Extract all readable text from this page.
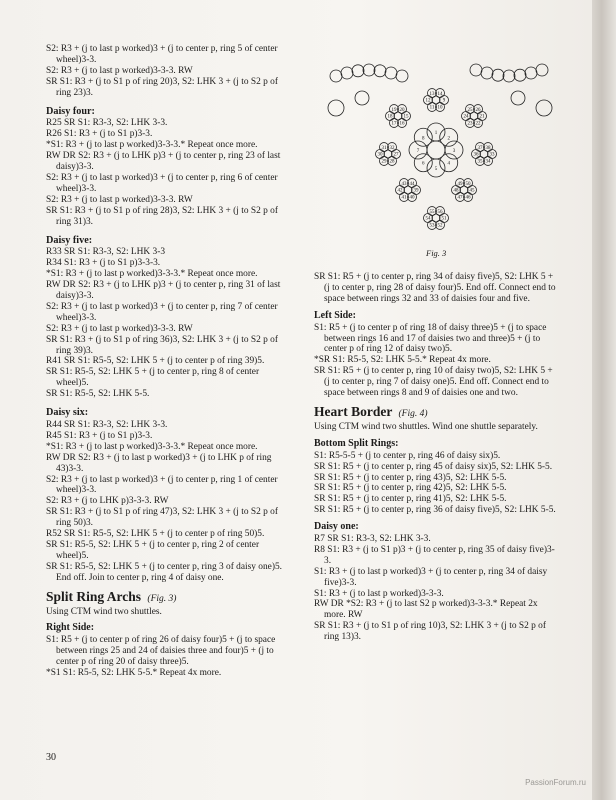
S2: R3 + (j to last p worked)3 + (j to center p, ring 5 of center wheel)3-3.
S2: R3 + (j to last p worked)3-3-3. RW
SR S1: R3 + (j to S1 p of ring 20)3, S2: LHK 3 + (j to S2 p of ring 23)3.
Daisy four:
R25 SR S1: R3-3, S2: LHK 3-3.
R26 S1: R3 + (j to S1 p)3-3.
*S1: R3 + (j to last p worked)3-3-3.* Repeat once more.
RW DR S2: R3 + (j to LHK p)3 + (j to center p, ring 23 of last daisy)3-3.
S2: R3 + (j to last p worked)3 + (j to center p, ring 6 of center wheel)3-3.
S2: R3 + (j to last p worked)3-3-3. RW
SR S1: R3 + (j to S1 p of ring 28)3, S2: LHK 3 + (j to S2 p of ring 31)3.
Daisy five:
R33 SR S1: R3-3, S2: LHK 3-3
R34 S1: R3 + (j to S1 p)3-3-3.
*S1: R3 + (j to last p worked)3-3-3.* Repeat once more.
RW DR S2: R3 + (j to LHK p)3 + (j to center p, ring 31 of last daisy)3-3.
S2: R3 + (j to last p worked)3 + (j to center p, ring 7 of center wheel)3-3.
S2: R3 + (j to last p worked)3-3-3. RW
SR S1: R3 + (j to S1 p of ring 36)3, S2: LHK 3 + (j to S2 p of ring 39)3.
R41 SR S1: R5-5, S2: LHK 5 + (j to center p of ring 39)5.
SR S1: R5-5, S2: LHK 5 + (j to center p, ring 8 of center wheel)5.
SR S1: R5-5, S2: LHK 5-5.
Daisy six:
R44 SR S1: R3-3, S2: LHK 3-3.
R45 S1: R3 + (j to S1 p)3-3.
*S1: R3 + (j to last p worked)3-3-3.* Repeat once more.
RW DR S2: R3 + (j to last p worked)3 + (j to LHK p of ring 43)3-3.
S2: R3 + (j to last p worked)3 + (j to center p, ring 1 of center wheel)3-3.
S2: R3 + (j to LHK p)3-3-3. RW
SR S1: R3 + (j to S1 p of ring 47)3, S2: LHK 3 + (j to S2 p of ring 50)3.
R52 SR S1: R5-5, S2: LHK 5 + (j to center p of ring 50)5.
SR S1: R5-5, S2: LHK 5 + (j to center p, ring 2 of center wheel)5.
SR S1: R5-5, S2: LHK 5 + (j to center p, ring 3 of daisy one)5. End off. Join to center p, ring 4 of daisy one.
Split Ring Archs (Fig. 3)
Using CTM wind two shuttles.
Right Side:
S1: R5 + (j to center p of ring 26 of daisy four)5 + (j to space between rings 25 and 24 of daisies three and four)5 + (j to center p of ring 20 of daisy three)5.
*S1 S1: R5-5, S2: LHK 5-5.* Repeat 4x more.
1
2
3
4
5
6
7
8
9
10
11
12
13 14
15
16
17
18
19 20
21
22
23
24
25 26
27
28
29
30
31 32
33
34
35
36
37 38
39
40
41
42
43 44
45
46
47
48
49 50
51
52
53
54
55 56
Fig. 3
SR S1: R5 + (j to center p, ring 34 of daisy five)5, S2: LHK 5 + (j to center p, ring 28 of daisy four)5. End off. Connect end to space between rings 32 and 33 of daisies four and five.
Left Side:
S1: R5 + (j to center p of ring 18 of daisy three)5 + (j to space between rings 16 and 17 of daisies two and three)5 + (j to center p of ring 12 of daisy two)5.
*SR S1: R5-5, S2: LHK 5-5.* Repeat 4x more.
SR S1: R5 + (j to center p, ring 10 of daisy two)5, S2: LHK 5 + (j to center p, ring 7 of daisy one)5. End off. Connect end to space between rings 8 and 9 of daisies one and two.
Heart Border (Fig. 4)
Using CTM wind two shuttles. Wind one shuttle separately.
Bottom Split Rings:
S1: R5-5-5 + (j to center p, ring 46 of daisy six)5.
SR S1: R5 + (j to center p, ring 45 of daisy six)5, S2: LHK 5-5.
SR S1: R5 + (j to center p, ring 43)5, S2: LHK 5-5.
SR S1: R5 + (j to center p, ring 42)5, S2: LHK 5-5.
SR S1: R5 + (j to center p, ring 41)5, S2: LHK 5-5.
SR S1: R5 + (j to center p, ring 36 of daisy five)5, S2: LHK 5-5.
Daisy one:
R7 SR S1: R3-3, S2: LHK 3-3.
R8 S1: R3 + (j to S1 p)3 + (j to center p, ring 35 of daisy five)3-3.
S1: R3 + (j to last p worked)3 + (j to center p, ring 34 of daisy five)3-3.
S1: R3 + (j to last p worked)3-3-3.
RW DR *S2: R3 + (j to last S2 p worked)3-3-3.* Repeat 2x more. RW
SR S1: R3 + (j to S1 p of ring 10)3, S2: LHK 3 + (j to S2 p of ring 13)3.
30
PassionForum.ru
